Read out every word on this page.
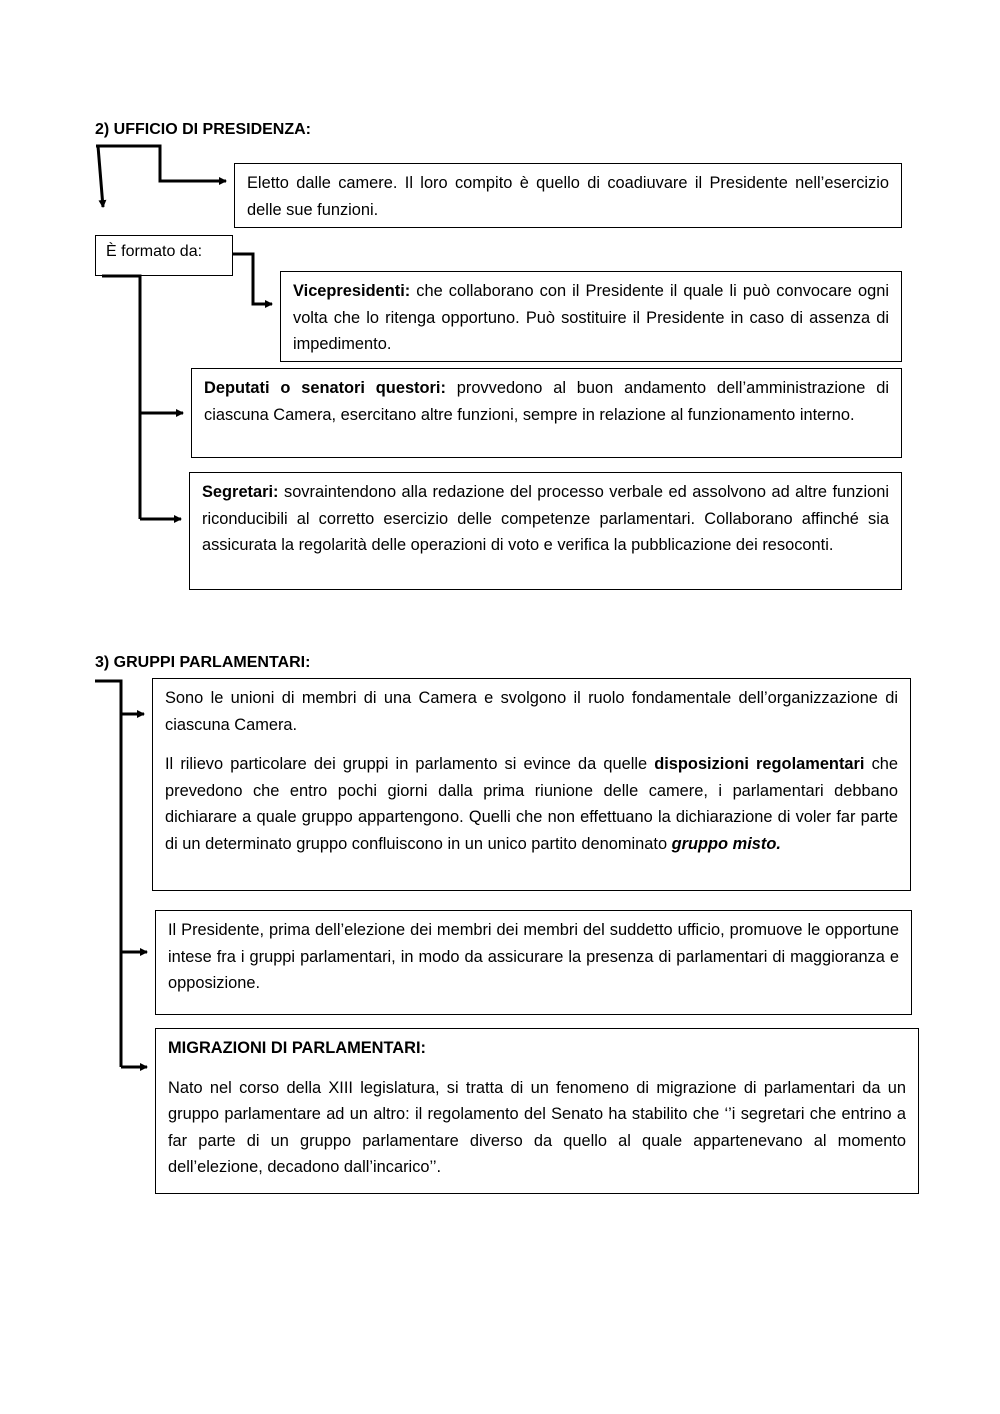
2) UFFICIO DI PRESIDENZA:

Eletto dalle camere. Il loro compito è quello di coadiuvare il Presidente nell’esercizio delle sue funzioni.

È formato da:

Vicepresidenti: che collaborano con il Presidente il quale li può convocare ogni volta che lo ritenga opportuno. Può sostituire il Presidente in caso di assenza di impedimento.

Deputati o senatori questori: provvedono al buon andamento dell’amministrazione di ciascuna Camera, esercitano altre funzioni, sempre in relazione al funzionamento interno.

Segretari: sovraintendono alla redazione del processo verbale ed assolvono ad altre funzioni riconducibili al corretto esercizio delle competenze parlamentari. Collaborano affinché sia assicurata la regolarità delle operazioni di voto e verifica la pubblicazione dei resoconti.

3) GRUPPI PARLAMENTARI:

Sono le unioni di membri di una Camera e svolgono il ruolo fondamentale dell’organizzazione di ciascuna Camera.

Il rilievo particolare dei gruppi in parlamento si evince da quelle disposizioni regolamentari che prevedono che entro pochi giorni dalla prima riunione delle camere, i parlamentari debbano dichiarare a quale gruppo appartengono. Quelli che non effettuano la dichiarazione di voler far parte di un determinato gruppo confluiscono in un unico partito denominato gruppo misto.

Il Presidente, prima dell’elezione dei membri dei membri del suddetto ufficio, promuove le opportune intese fra i gruppi parlamentari, in modo da assicurare la presenza di parlamentari di maggioranza e opposizione.

MIGRAZIONI DI PARLAMENTARI:

Nato nel corso della XIII legislatura, si tratta di un fenomeno di migrazione di parlamentari da un gruppo parlamentare ad un altro: il regolamento del Senato ha stabilito che ‘’i segretari che entrino a far parte di un gruppo parlamentare diverso da quello al quale appartenevano al momento dell’elezione, decadono dall’incarico’’.
